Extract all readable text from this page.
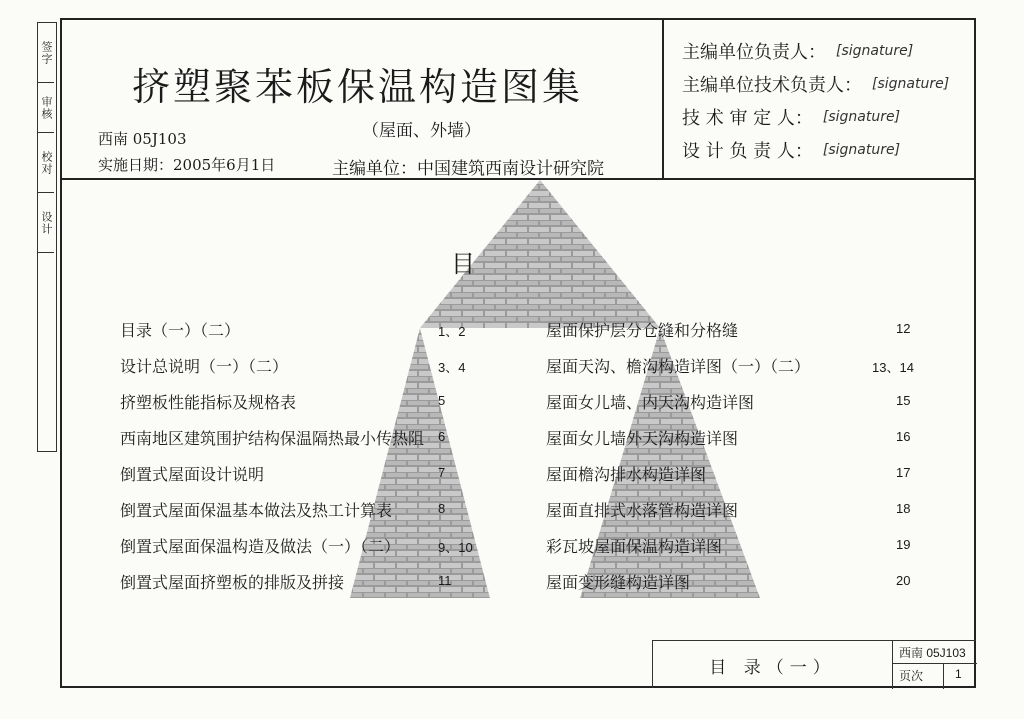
签字
审核
校对
设计
挤塑聚苯板保温构造图集
（屋面、外墙）
西南 05J103
实施日期：2005年6月1日	主编单位：中国建筑西南设计研究院
主编单位负责人： [signature]
主编单位技术负责人： [signature]
技 术 审 定 人： [signature]
设 计 负 责 人： [signature]
目
目录（一）（二）	1、2
设计总说明（一）（二）	3、4
挤塑板性能指标及规格表	5
西南地区建筑围护结构保温隔热最小传热阻 6
倒置式屋面设计说明	7
倒置式屋面保温基本做法及热工计算表	8
倒置式屋面保温构造及做法（一）（二）	9、10
倒置式屋面挤塑板的排版及拼接	11
屋面保护层分仓缝和分格缝	12
屋面天沟、檐沟构造详图（一）（二）	13、14
屋面女儿墙、内天沟构造详图	15
屋面女儿墙外天沟构造详图	16
屋面檐沟排水构造详图	17
屋面直排式水落管构造详图	18
彩瓦坡屋面保温构造详图	19
屋面变形缝构造详图	20
目 录（一）
西南 05J103
页次	1
